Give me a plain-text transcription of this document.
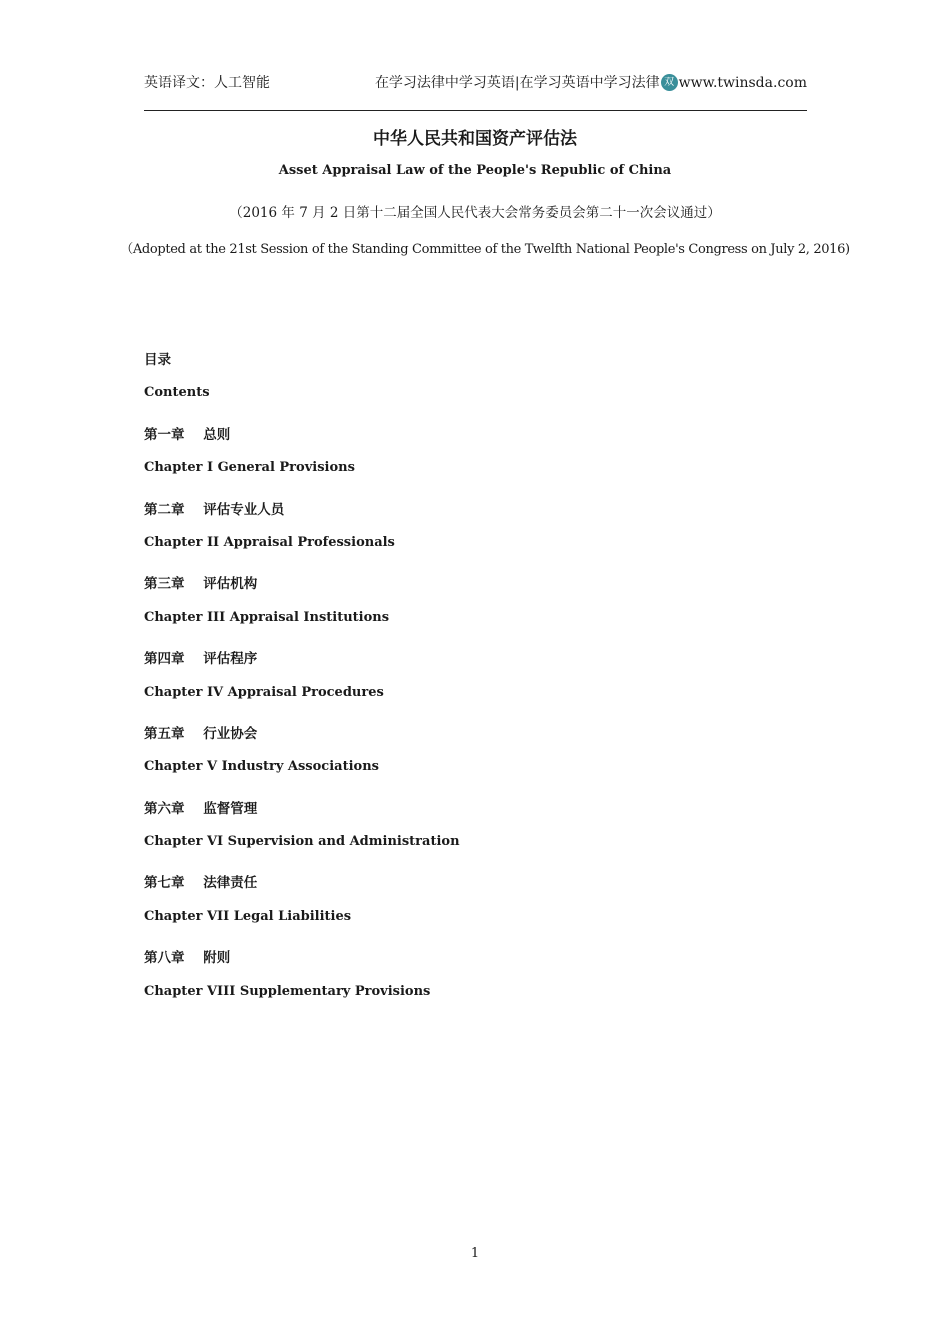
英语译文：人工智能	在学习法律中学习英语|在学习英语中学习法律 双 www.twinsda.com
中华人民共和国资产评估法
Asset Appraisal Law of the People's Republic of China
（2016 年 7 月 2 日第十二届全国人民代表大会常务委员会第二十一次会议通过）
（Adopted at the 21st Session of the Standing Committee of the Twelfth National People's Congress on July 2, 2016)
目录
Contents
第一章    总则
Chapter I General Provisions
第二章    评估专业人员
Chapter II Appraisal Professionals
第三章    评估机构
Chapter III Appraisal Institutions
第四章    评估程序
Chapter IV Appraisal Procedures
第五章    行业协会
Chapter V Industry Associations
第六章    监督管理
Chapter VI Supervision and Administration
第七章    法律责任
Chapter VII Legal Liabilities
第八章    附则
Chapter VIII Supplementary Provisions
1
